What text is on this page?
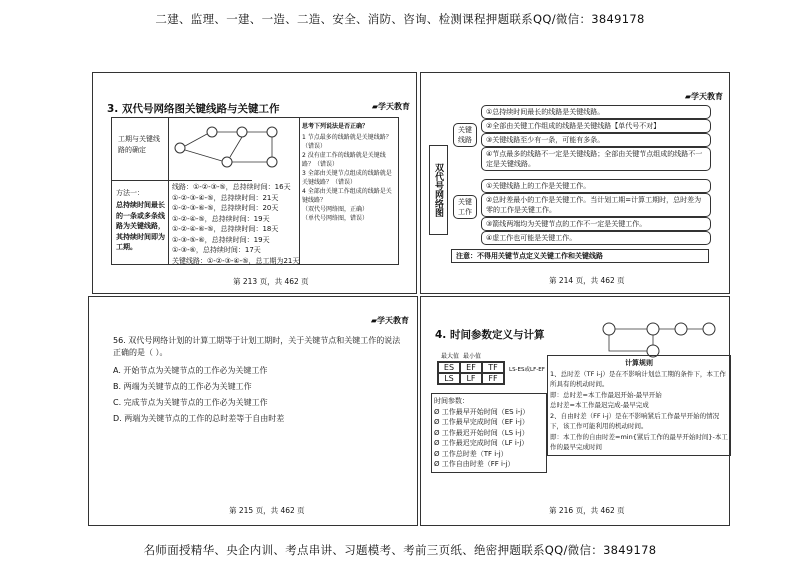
二建、监理、一建、一造、二造、安全、消防、咨询、检测课程押题联系QQ/微信：3849178
▰学天教育
3. 双代号网络图关键线路与关键工作
工期与关键线路的确定
方法一：
总持续时间最长的一条或多条线路为关键线路，其持续时间即为工期。
线路：①-②-③-⑤，总持续时间：16天
①-②-③-④-⑤，总持续时间：21天
①-②-③-⑥-⑤，总持续时间：20天
①-②-④-⑤，总持续时间：19天
①-②-④-⑥-⑤，总持续时间：18天
①-③-⑤-⑥，总持续时间：19天
①-③-⑥，总持续时间：17天
关键线路：①-②-③-④-⑤，总工期为21天
思考下列说法是否正确？
1 节点最多的线路就是关键线路？（错误）
2 没有虚工作的线路就是关键线路？（错误）
3 全部由关键节点组成的线路就是关键线路？（错误）
4 全部由关键工作组成的线路是关键线路？
（双代号网络图，正确）
（单代号网络图，错误）
第 213 页，共 462 页
▰学天教育
双代号网络图
关键线路
①总持续时间最长的线路是关键线路。
②全部由关键工作组成的线路是关键线路【单代号不对】
③关键线路至少有一条，可能有多条。
④节点最多的线路不一定是关键线路；全部由关键节点组成的线路不一定是关键线路。
关键工作
①关键线路上的工作是关键工作。
②总时差最小的工作是关键工作。当计划工期=计算工期时，总时差为零的工作是关键工作。
③箭线两端均为关键节点的工作不一定是关键工作。
④虚工作也可能是关键工作。
注意：不得用关键节点定义关键工作和关键线路
第 214 页，共 462 页
▰学天教育
56. 双代号网络计划的计算工期等于计划工期时，关于关键节点和关键工作的说法正确的是（ ）。
A. 开始节点为关键节点的工作必为关键工作
B. 两端为关键节点的工作必为关键工作
C. 完成节点为关键节点的工作必为关键工作
D. 两端为关键节点的工作的总时差等于自由时差
第 215 页，共 462 页
4. 时间参数定义与计算
最大值 最小值
ES	EF	TF
LS	LF	FF
LS-ES或LF-EF
时间参数：
Ø 工作最早开始时间（ES i-j）
Ø 工作最早完成时间（EF i-j）
Ø 工作最迟开始时间（LS i-j）
Ø 工作最迟完成时间（LF i-j）
Ø 工作总时差（TF i-j）
Ø 工作自由时差（FF i-j）
计算规则
1、总时差（TF i-j）是在不影响计划总工期的条件下，本工作所具有的机动时间。
即：总时差=本工作最迟开始-最早开始
总时差=本工作最迟完成-最早完成
2、自由时差（FF i-j）是在不影响紧后工作最早开始的情况下，该工作可能利用的机动时间。
即：本工作的自由时差=min{紧后工作的最早开始时间}-本工作的最早完成时间
第 216 页，共 462 页
名师面授精华、央企内训、考点串讲、习题模考、考前三页纸、绝密押题联系QQ/微信：3849178
